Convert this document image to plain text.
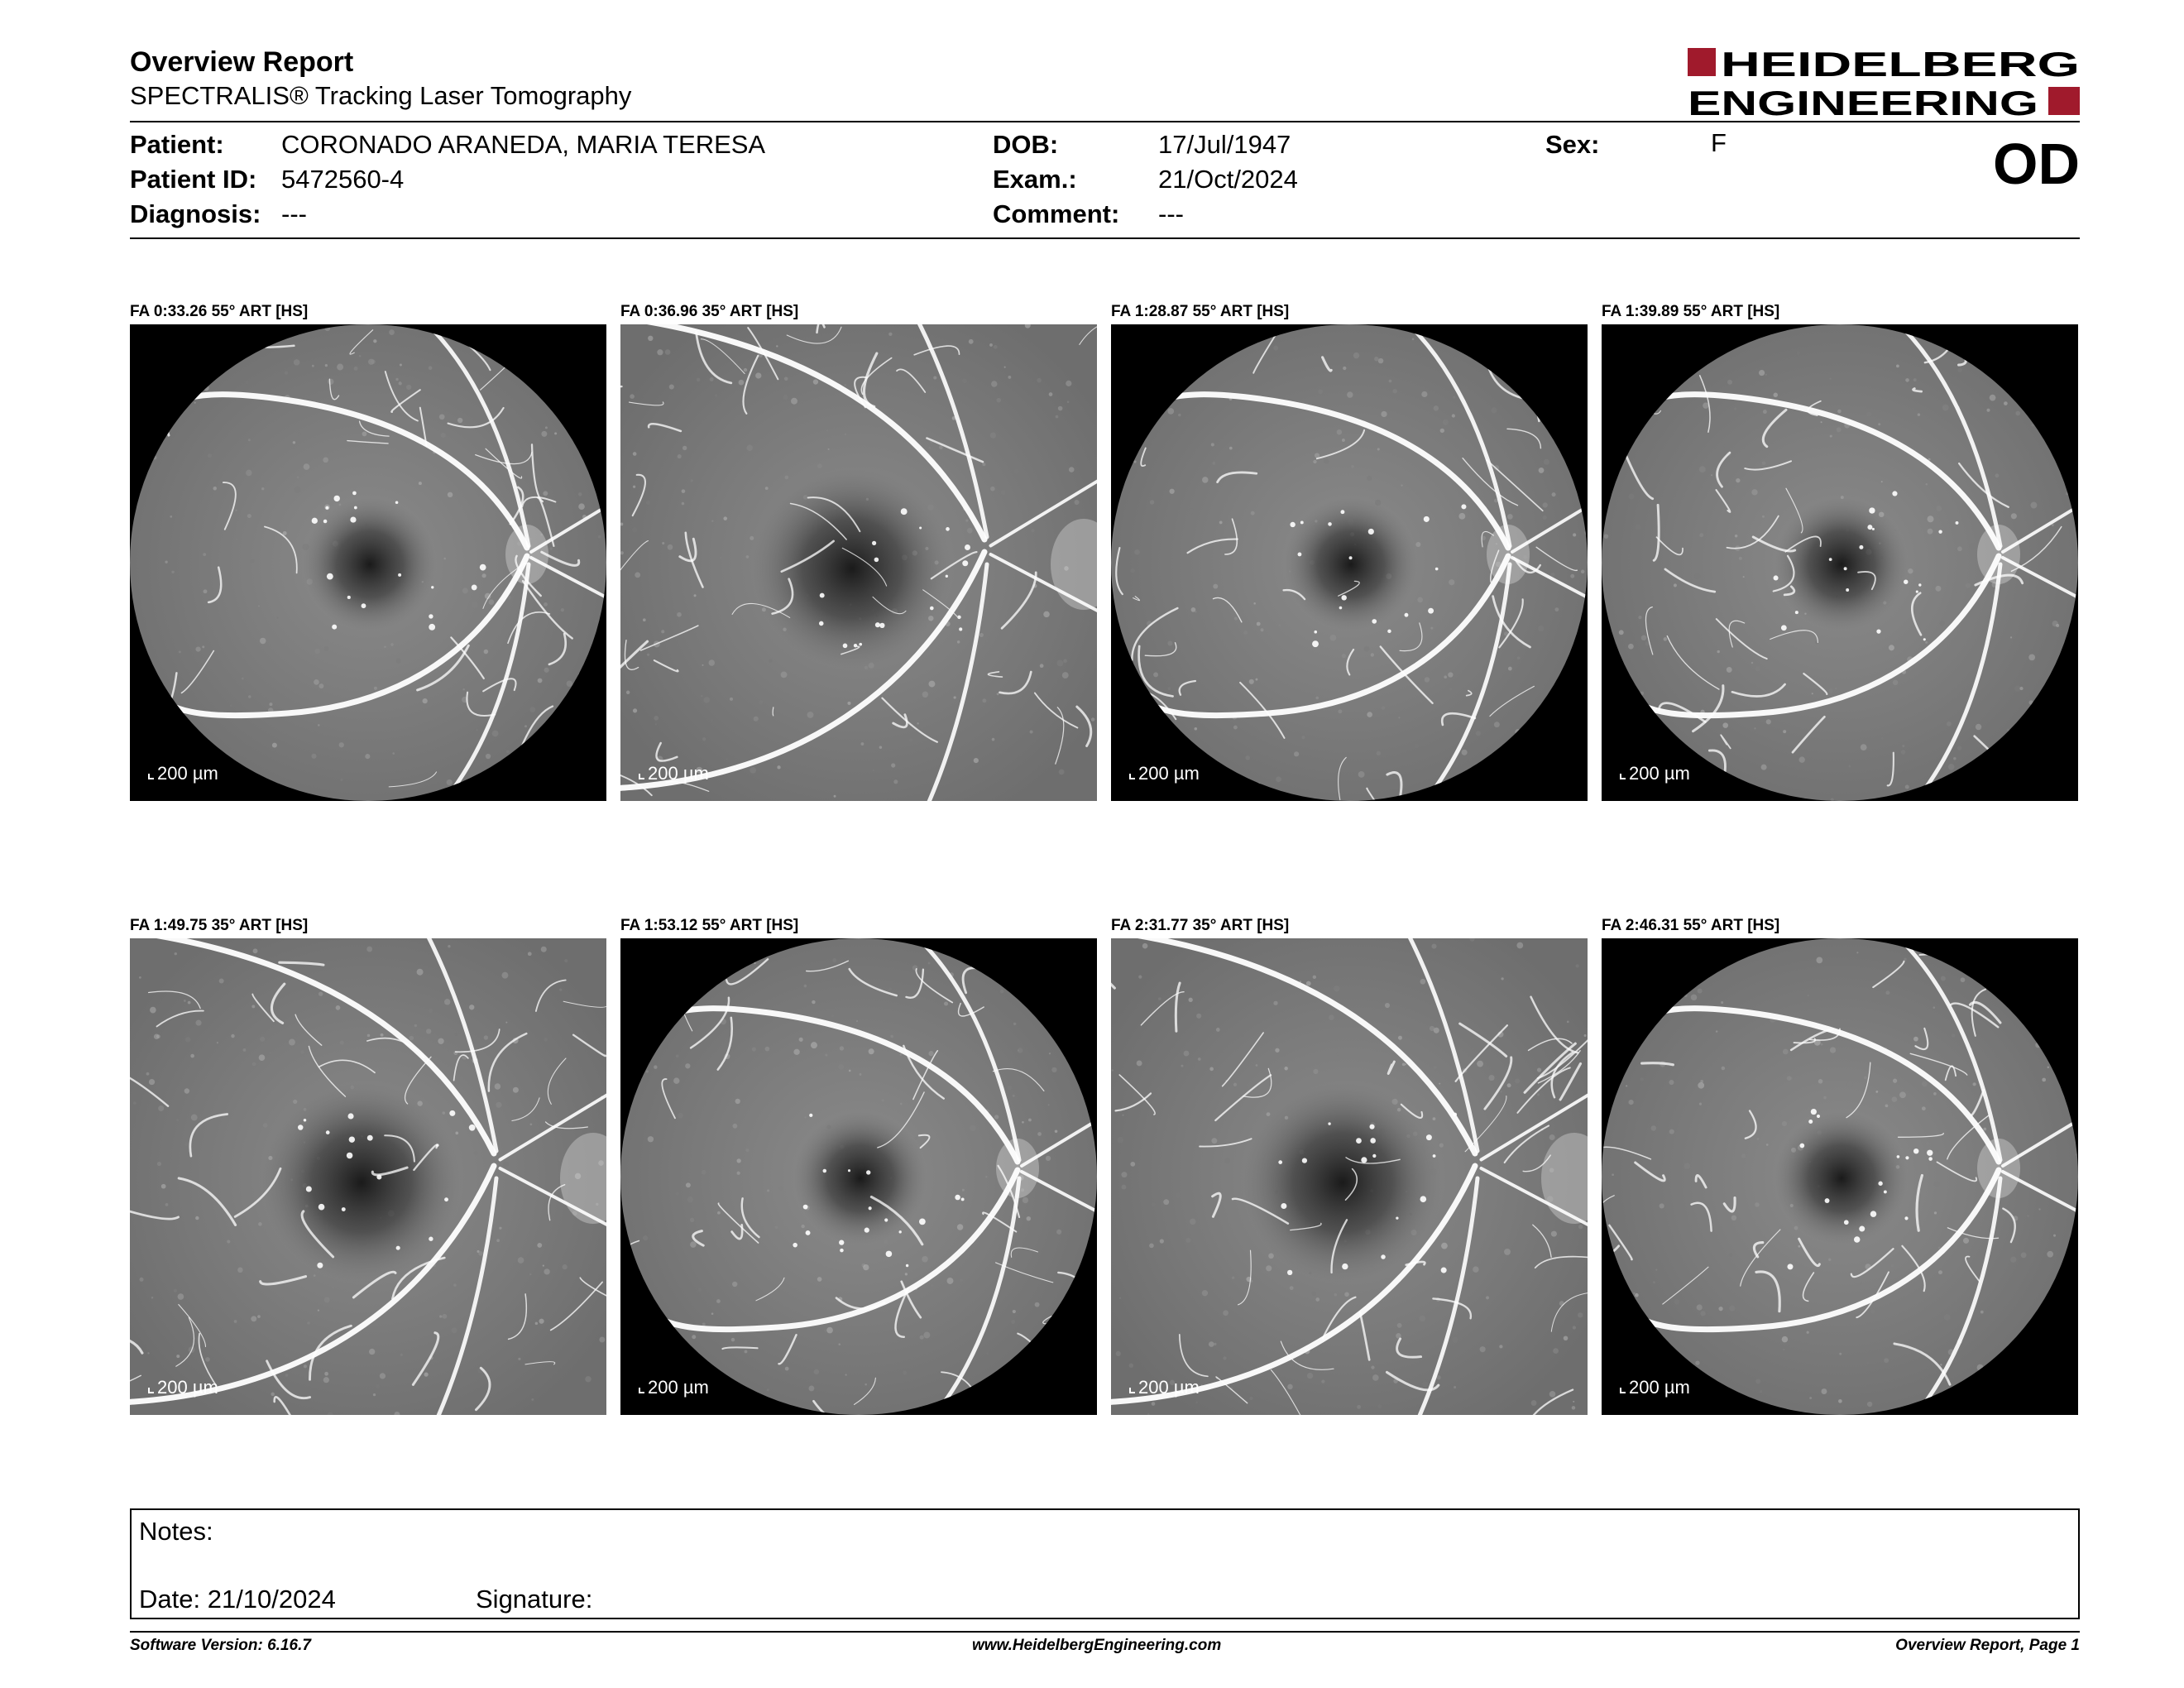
Overview Report
SPECTRALIS® Tracking Laser Tomography
HEIDELBERG
ENGINEERING
Patient: CORONADO ARANEDA, MARIA TERESA
Patient ID: 5472560-4
Diagnosis: ---
DOB:	17/Jul/1947
Exam.:	21/Oct/2024
Comment: ---
Sex:	F	OD
FA 0:33.26 55° ART [HS]
200 µm
FA 0:36.96 35° ART [HS]
200 µm
FA 1:28.87 55° ART [HS]
200 µm
FA 1:39.89 55° ART [HS]
200 µm
FA 1:49.75 35° ART [HS]
200 µm
FA 1:53.12 55° ART [HS]
200 µm
FA 2:31.77 35° ART [HS]
200 µm
FA 2:46.31 55° ART [HS]
200 µm
Notes:
Date: 21/10/2024	Signature:
Software Version: 6.16.7	www.HeidelbergEngineering.com	Overview Report, Page 1
